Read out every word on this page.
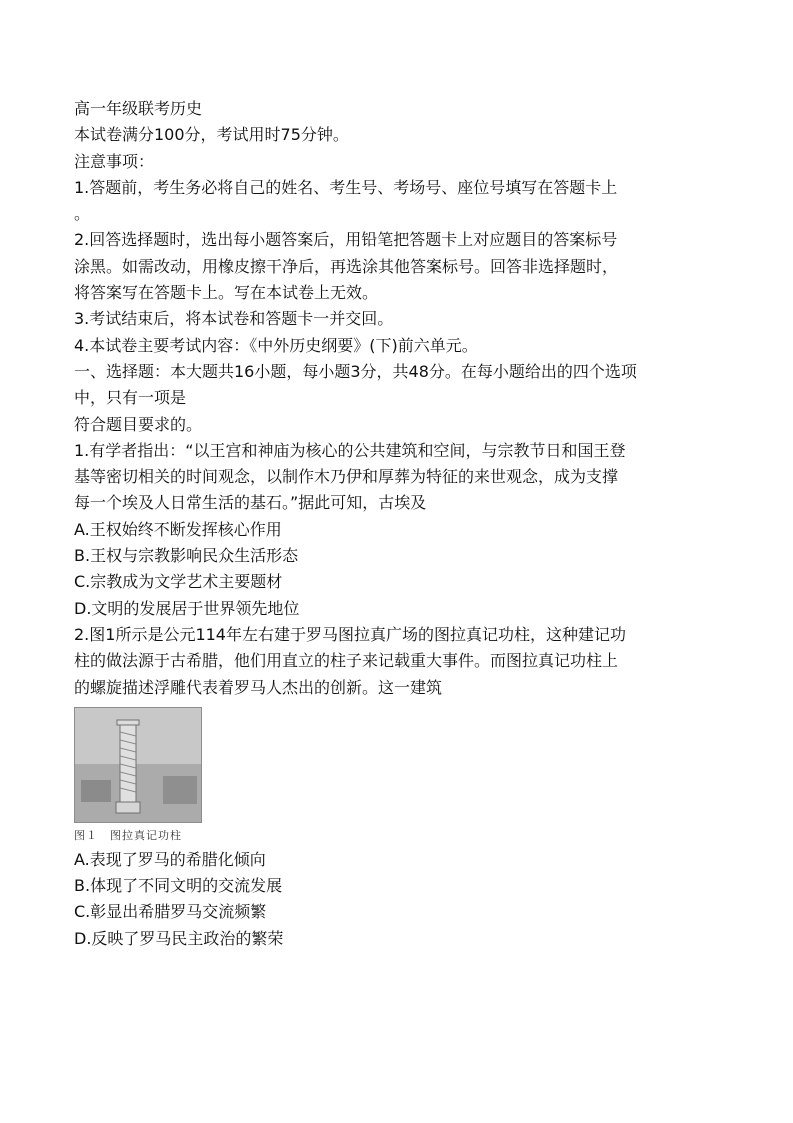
高一年级联考历史
本试卷满分100分，考试用时75分钟。
注意事项：
1.答题前，考生务必将自己的姓名、考生号、考场号、座位号填写在答题卡上
。
2.回答选择题时，选出每小题答案后，用铅笔把答题卡上对应题目的答案标号
涂黑。如需改动，用橡皮擦干净后，再选涂其他答案标号。回答非选择题时，
将答案写在答题卡上。写在本试卷上无效。
3.考试结束后，将本试卷和答题卡一并交回。
4.本试卷主要考试内容：《中外历史纲要》(下)前六单元。
一、选择题：本大题共16小题，每小题3分，共48分。在每小题给出的四个选项
中，只有一项是
符合题目要求的。
1.有学者指出：“以王宫和神庙为核心的公共建筑和空间，与宗教节日和国王登
基等密切相关的时间观念，以制作木乃伊和厚葬为特征的来世观念，成为支撑
每一个埃及人日常生活的基石。”据此可知，古埃及
A.王权始终不断发挥核心作用
B.王权与宗教影响民众生活形态
C.宗教成为文学艺术主要题材
D.文明的发展居于世界领先地位
2.图1所示是公元114年左右建于罗马图拉真广场的图拉真记功柱，这种建记功
柱的做法源于古希腊，他们用直立的柱子来记载重大事件。而图拉真记功柱上
的螺旋描述浮雕代表着罗马人杰出的创新。这一建筑
图１　图拉真记功柱
A.表现了罗马的希腊化倾向
B.体现了不同文明的交流发展
C.彰显出希腊罗马交流频繁
D.反映了罗马民主政治的繁荣
